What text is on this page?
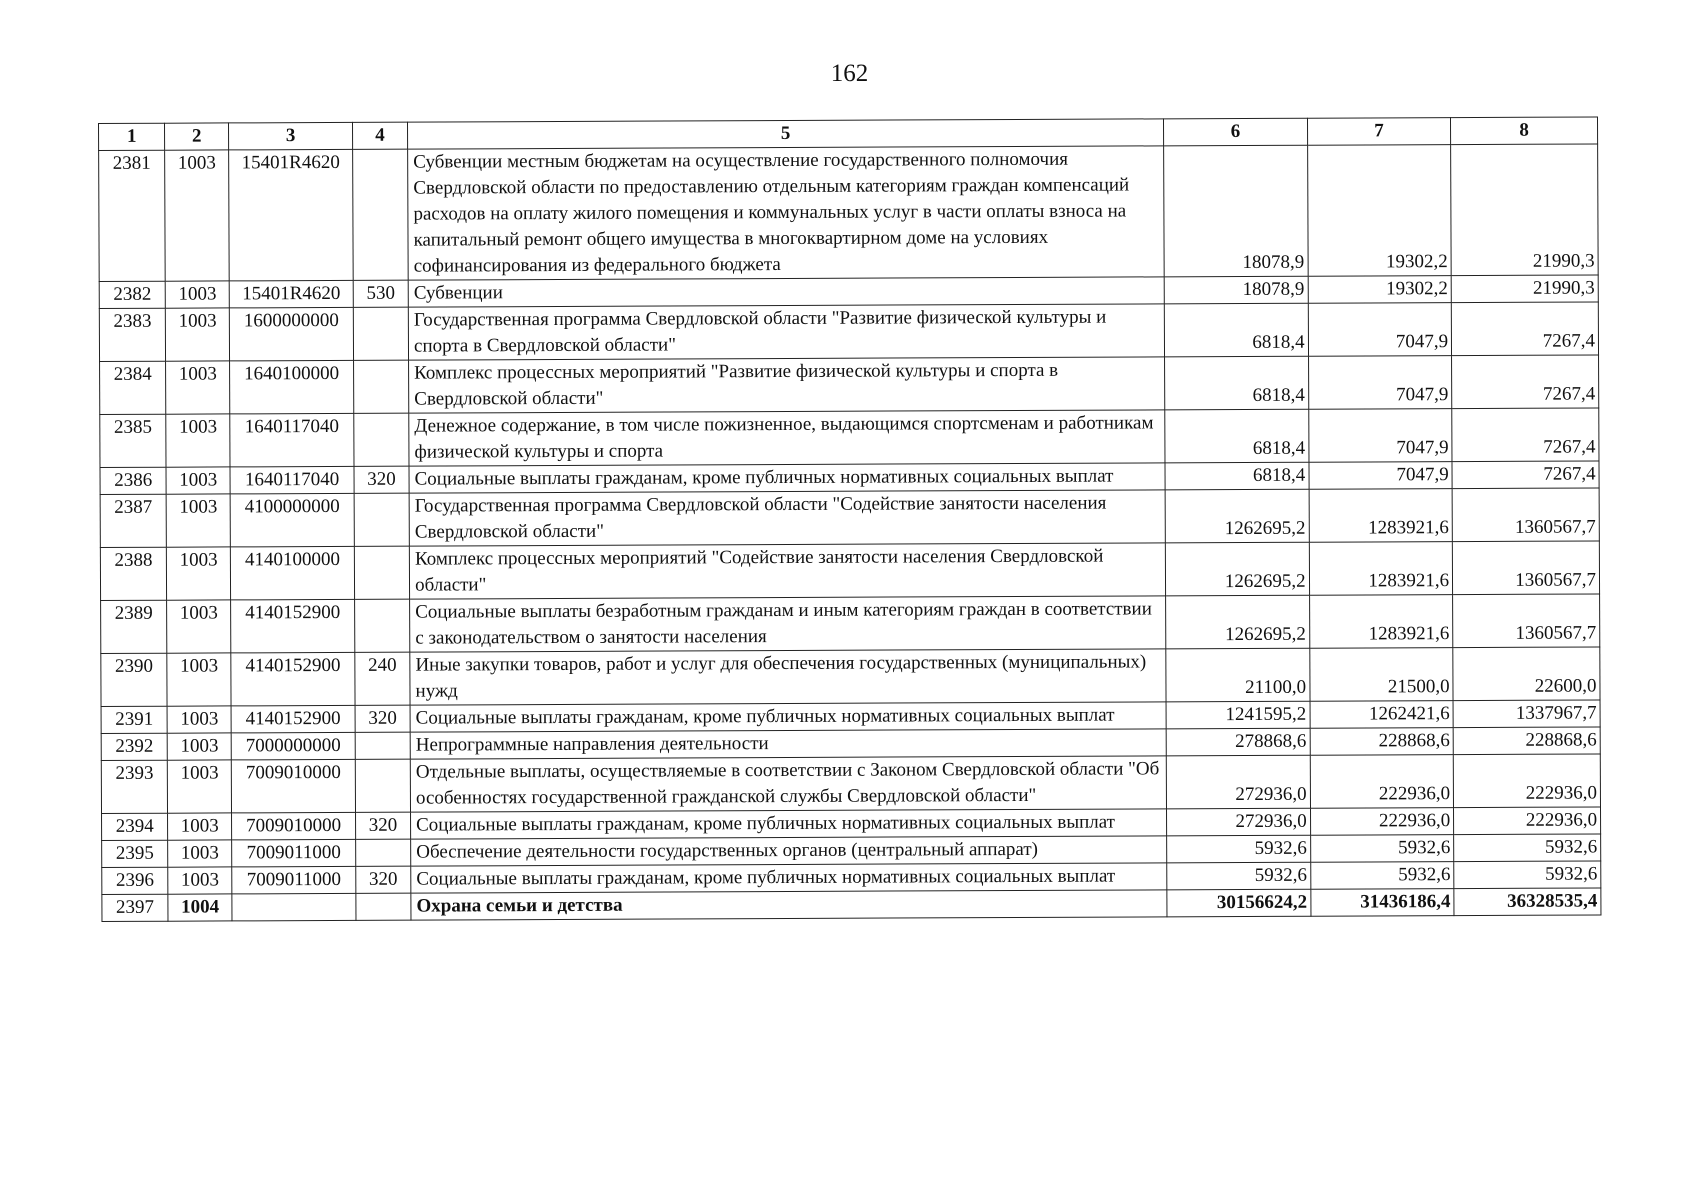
162
1	2	3	4	5	6	7	8
2381	1003	15401R4620		Субвенции местным бюджетам на осуществление государственного полномочия Свердловской области по предоставлению отдельным категориям граждан компенсаций расходов на оплату жилого помещения и коммунальных услуг в части оплаты взноса на капитальный ремонт общего имущества в многоквартирном доме на условиях софинансирования из федерального бюджета	18078,9	19302,2	21990,3
2382	1003	15401R4620	530	Субвенции	18078,9	19302,2	21990,3
2383	1003	1600000000		Государственная программа Свердловской области "Развитие физической культуры и спорта в Свердловской области"	6818,4	7047,9	7267,4
2384	1003	1640100000		Комплекс процессных мероприятий "Развитие физической культуры и спорта в Свердловской области"	6818,4	7047,9	7267,4
2385	1003	1640117040		Денежное содержание, в том числе пожизненное, выдающимся спортсменам и работникам физической культуры и спорта	6818,4	7047,9	7267,4
2386	1003	1640117040	320	Социальные выплаты гражданам, кроме публичных нормативных социальных выплат	6818,4	7047,9	7267,4
2387	1003	4100000000		Государственная программа Свердловской области "Содействие занятости населения Свердловской области"	1262695,2	1283921,6	1360567,7
2388	1003	4140100000		Комплекс процессных мероприятий "Содействие занятости населения Свердловской области"	1262695,2	1283921,6	1360567,7
2389	1003	4140152900		Социальные выплаты безработным гражданам и иным категориям граждан в соответствии с законодательством о занятости населения	1262695,2	1283921,6	1360567,7
2390	1003	4140152900	240	Иные закупки товаров, работ и услуг для обеспечения государственных (муниципальных) нужд	21100,0	21500,0	22600,0
2391	1003	4140152900	320	Социальные выплаты гражданам, кроме публичных нормативных социальных выплат	1241595,2	1262421,6	1337967,7
2392	1003	7000000000		Непрограммные направления деятельности	278868,6	228868,6	228868,6
2393	1003	7009010000		Отдельные выплаты, осуществляемые в соответствии с Законом Свердловской области "Об особенностях государственной гражданской службы Свердловской области"	272936,0	222936,0	222936,0
2394	1003	7009010000	320	Социальные выплаты гражданам, кроме публичных нормативных социальных выплат	272936,0	222936,0	222936,0
2395	1003	7009011000		Обеспечение деятельности государственных органов (центральный аппарат)	5932,6	5932,6	5932,6
2396	1003	7009011000	320	Социальные выплаты гражданам, кроме публичных нормативных социальных выплат	5932,6	5932,6	5932,6
2397	1004			Охрана семьи и детства	30156624,2	31436186,4	36328535,4
